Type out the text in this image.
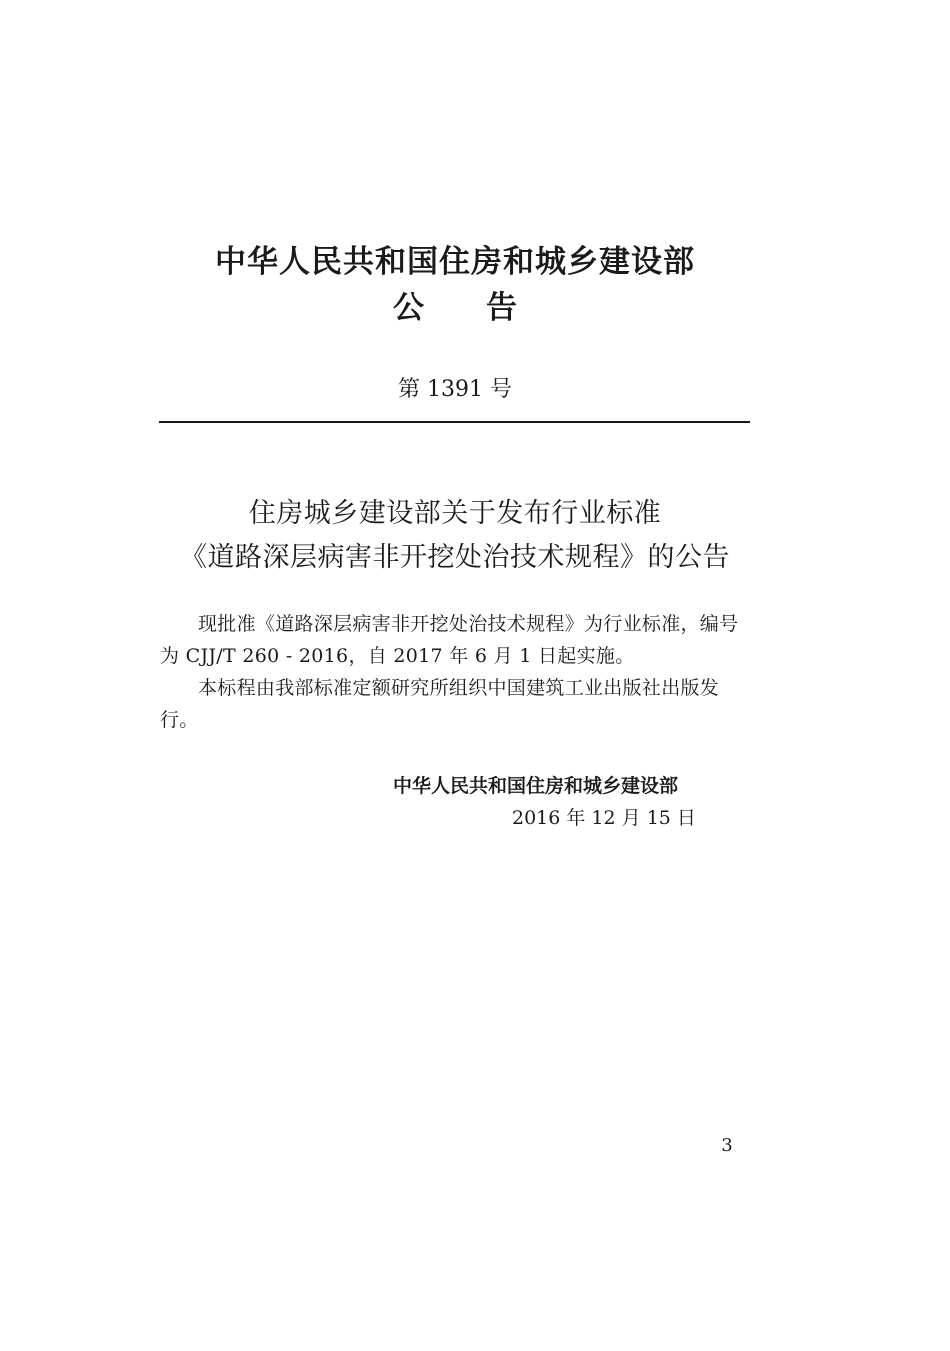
中华人民共和国住房和城乡建设部
公 告
第 1391 号
住房城乡建设部关于发布行业标准
《道路深层病害非开挖处治技术规程》的公告

现批准《道路深层病害非开挖处治技术规程》为行业标准，编号为 CJJ/T 260 - 2016，自 2017 年 6 月 1 日起实施。

本标程由我部标准定额研究所组织中国建筑工业出版社出版发行。

中华人民共和国住房和城乡建设部
2016 年 12 月 15 日
3
